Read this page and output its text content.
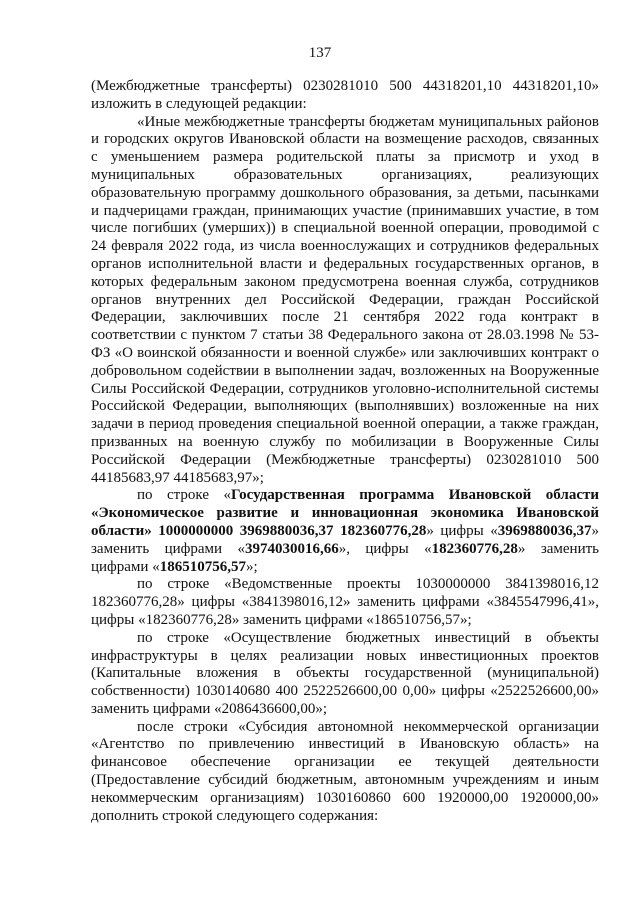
137

(Межбюджетные трансферты) 0230281010 500 44318201,10 44318201,10» изложить в следующей редакции:

«Иные межбюджетные трансферты бюджетам муниципальных районов и городских округов Ивановской области на возмещение расходов, связанных с уменьшением размера родительской платы за присмотр и уход в муниципальных образовательных организациях, реализующих образовательную программу дошкольного образования, за детьми, пасынками и падчерицами граждан, принимающих участие (принимавших участие, в том числе погибших (умерших)) в специальной военной операции, проводимой с 24 февраля 2022 года, из числа военнослужащих и сотрудников федеральных органов исполнительной власти и федеральных государственных органов, в которых федеральным законом предусмотрена военная служба, сотрудников органов внутренних дел Российской Федерации, граждан Российской Федерации, заключивших после 21 сентября 2022 года контракт в соответствии с пунктом 7 статьи 38 Федерального закона от 28.03.1998 № 53-ФЗ «О воинской обязанности и военной службе» или заключивших контракт о добровольном содействии в выполнении задач, возложенных на Вооруженные Силы Российской Федерации, сотрудников уголовно-исполнительной системы Российской Федерации, выполняющих (выполнявших) возложенные на них задачи в период проведения специальной военной операции, а также граждан, призванных на военную службу по мобилизации в Вооруженные Силы Российской Федерации (Межбюджетные трансферты) 0230281010 500 44185683,97 44185683,97»;

по строке «Государственная программа Ивановской области «Экономическое развитие и инновационная экономика Ивановской области» 1000000000 3969880036,37 182360776,28» цифры «3969880036,37» заменить цифрами «3974030016,66», цифры «182360776,28» заменить цифрами «186510756,57»;

по строке «Ведомственные проекты 1030000000 3841398016,12 182360776,28» цифры «3841398016,12» заменить цифрами «3845547996,41», цифры «182360776,28» заменить цифрами «186510756,57»;

по строке «Осуществление бюджетных инвестиций в объекты инфраструктуры в целях реализации новых инвестиционных проектов (Капитальные вложения в объекты государственной (муниципальной) собственности) 1030140680 400 2522526600,00 0,00» цифры «2522526600,00» заменить цифрами «2086436600,00»;

после строки «Субсидия автономной некоммерческой организации «Агентство по привлечению инвестиций в Ивановскую область» на финансовое обеспечение организации ее текущей деятельности (Предоставление субсидий бюджетным, автономным учреждениям и иным некоммерческим организациям) 1030160860 600 1920000,00 1920000,00» дополнить строкой следующего содержания:
